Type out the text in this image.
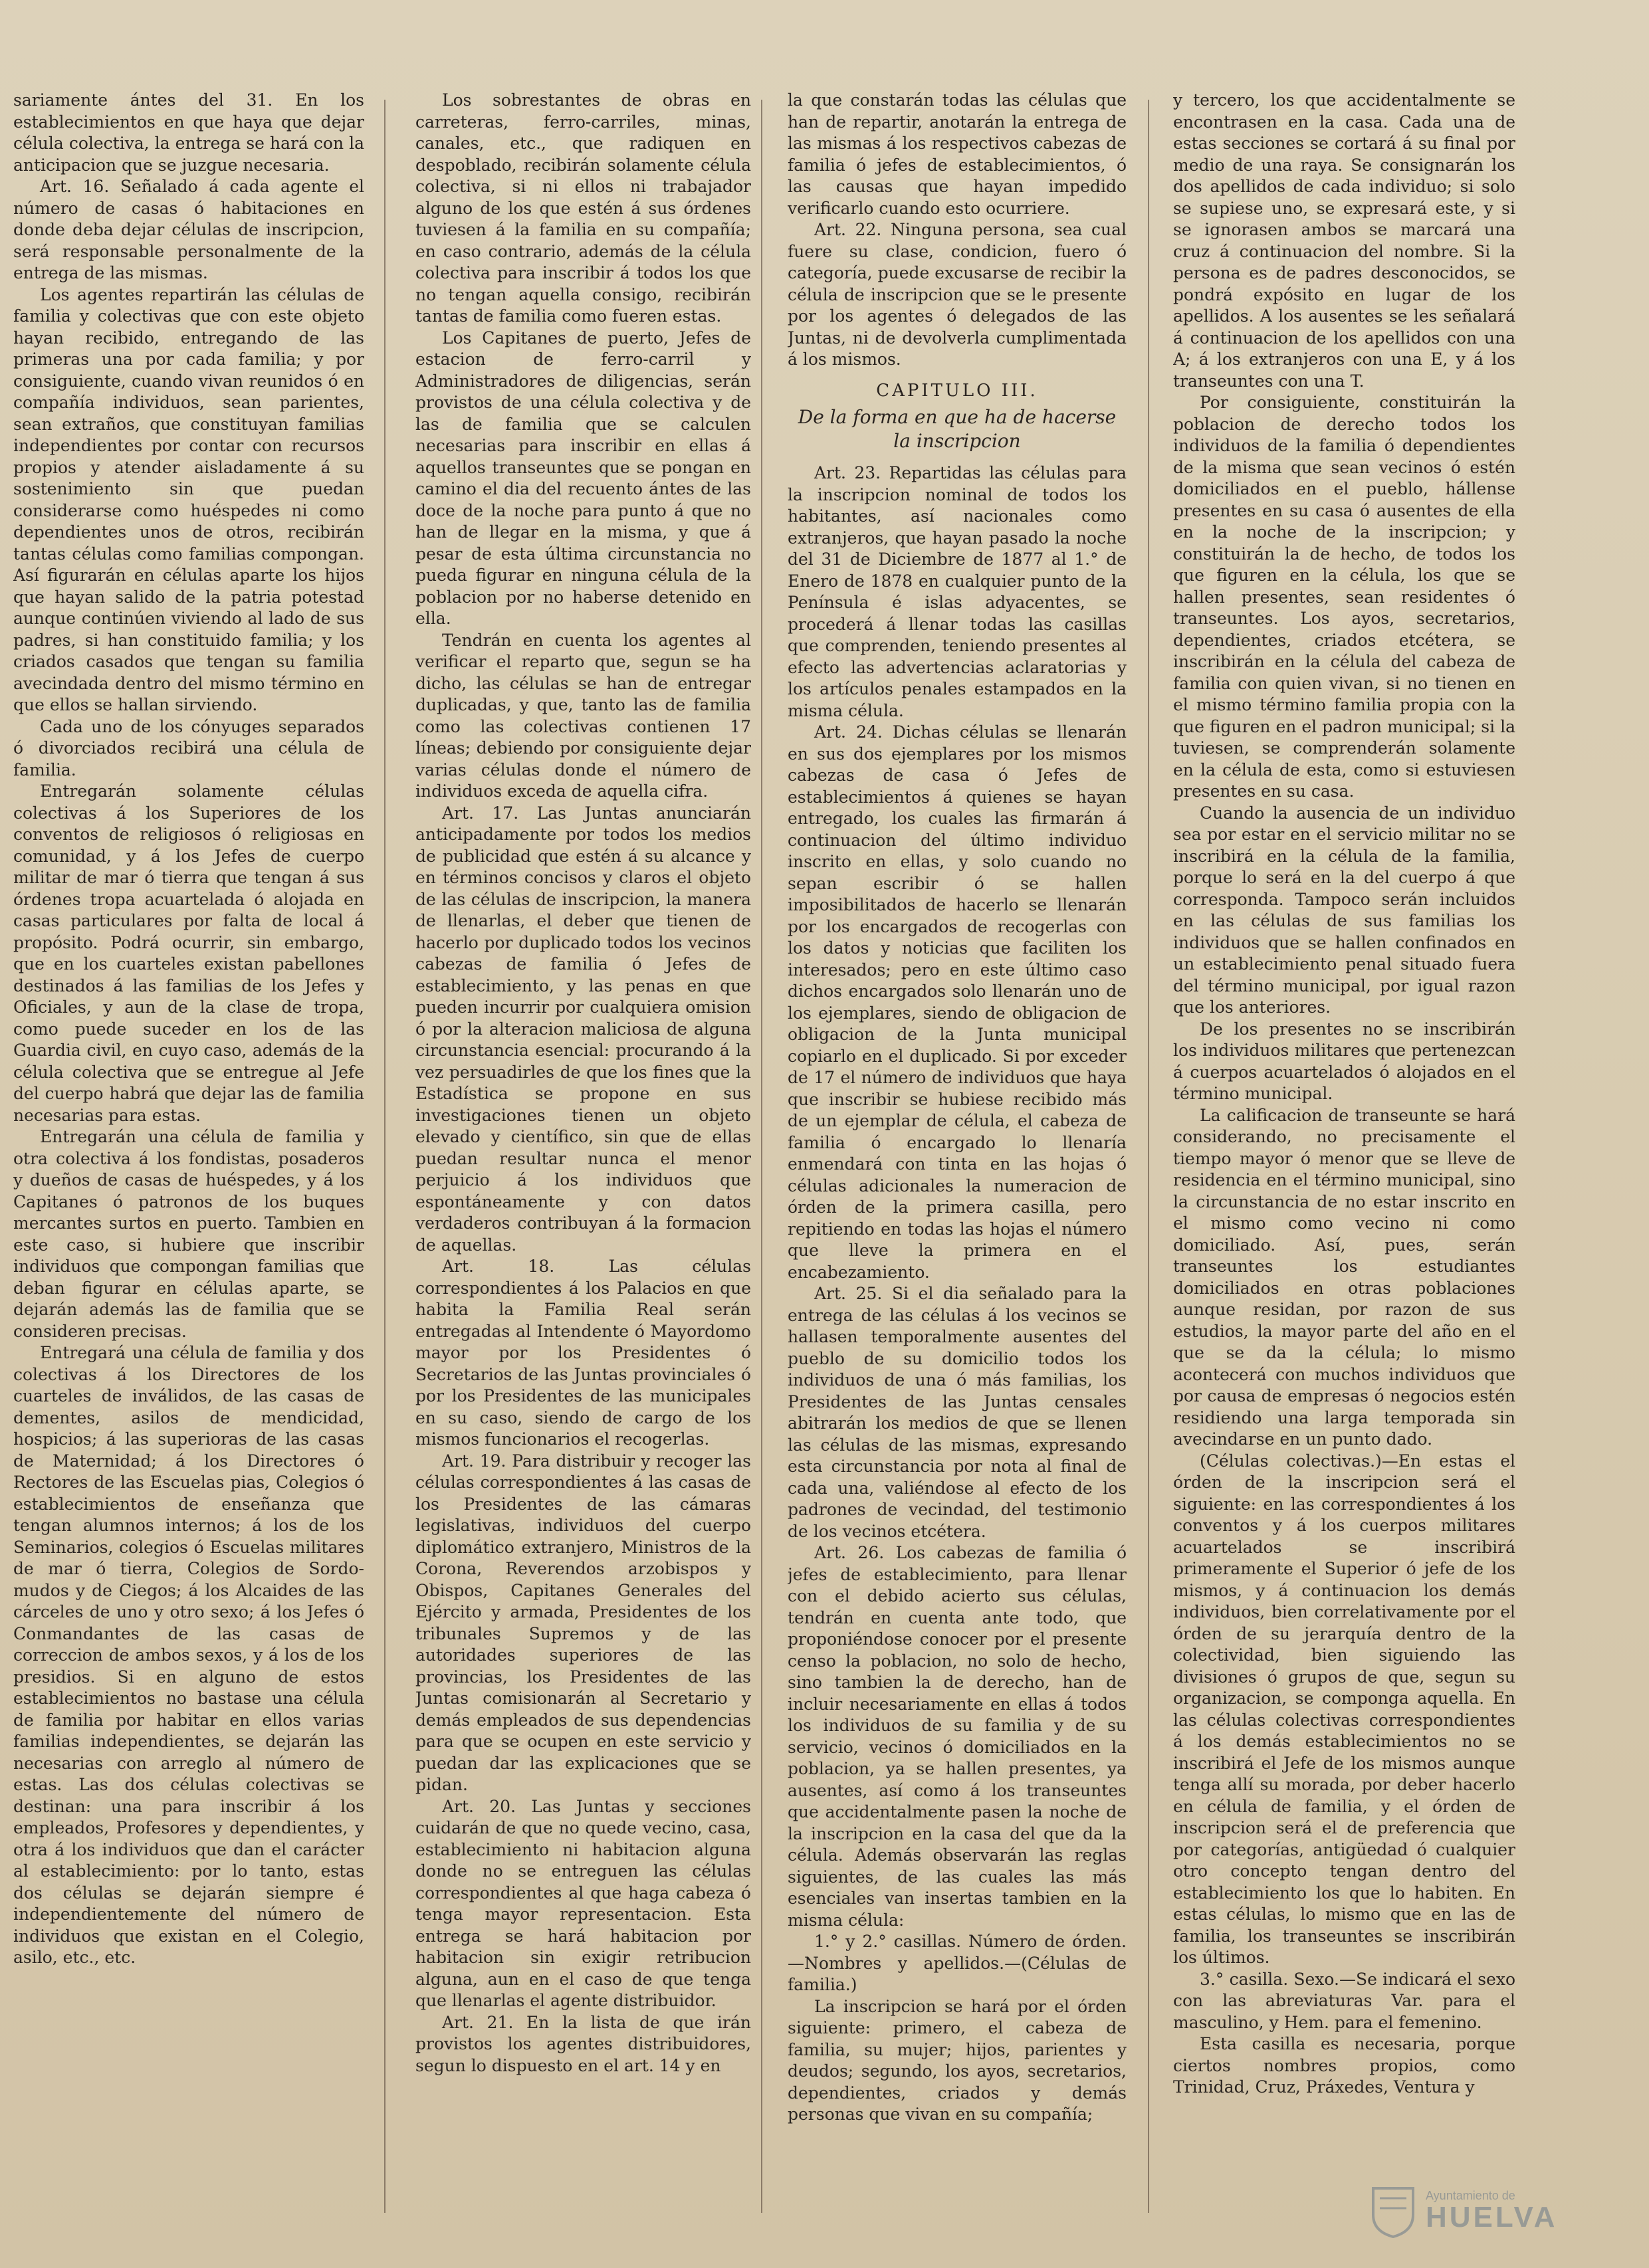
sariamente ántes del 31. En los establecimientos en que haya que dejar célula colectiva, la entrega se hará con la anticipacion que se juzgue necesaria.

Art. 16. Señalado á cada agente el número de casas ó habitaciones en donde deba dejar células de inscripcion, será responsable personalmente de la entrega de las mismas.

Los agentes repartirán las células de familia y colectivas que con este objeto hayan recibido, entregando de las primeras una por cada familia; y por consiguiente, cuando vivan reunidos ó en compañía individuos, sean parientes, sean extraños, que constituyan familias independientes por contar con recursos propios y atender aisladamente á su sostenimiento sin que puedan considerarse como huéspedes ni como dependientes unos de otros, recibirán tantas células como familias compongan. Así figurarán en células aparte los hijos que hayan salido de la patria potestad aunque continúen viviendo al lado de sus padres, si han constituido familia; y los criados casados que tengan su familia avecindada dentro del mismo término en que ellos se hallan sirviendo.

Cada uno de los cónyuges separados ó divorciados recibirá una célula de familia.

Entregarán solamente células colectivas á los Superiores de los conventos de religiosos ó religiosas en comunidad, y á los Jefes de cuerpo militar de mar ó tierra que tengan á sus órdenes tropa acuartelada ó alojada en casas particulares por falta de local á propósito. Podrá ocurrir, sin embargo, que en los cuarteles existan pabellones destinados á las familias de los Jefes y Oficiales, y aun de la clase de tropa, como puede suceder en los de las Guardia civil, en cuyo caso, además de la célula colectiva que se entregue al Jefe del cuerpo habrá que dejar las de familia necesarias para estas.

Entregarán una célula de familia y otra colectiva á los fondistas, posaderos y dueños de casas de huéspedes, y á los Capitanes ó patronos de los buques mercantes surtos en puerto. Tambien en este caso, si hubiere que inscribir individuos que compongan familias que deban figurar en células aparte, se dejarán además las de familia que se consideren precisas.

Entregará una célula de familia y dos colectivas á los Directores de los cuarteles de inválidos, de las casas de dementes, asilos de mendicidad, hospicios; á las superioras de las casas de Maternidad; á los Directores ó Rectores de las Escuelas pias, Colegios ó establecimientos de enseñanza que tengan alumnos internos; á los de los Seminarios, colegios ó Escuelas militares de mar ó tierra, Colegios de Sordo-mudos y de Ciegos; á los Alcaides de las cárceles de uno y otro sexo; á los Jefes ó Conmandantes de las casas de correccion de ambos sexos, y á los de los presidios. Si en alguno de estos establecimientos no bastase una célula de familia por habitar en ellos varias familias independientes, se dejarán las necesarias con arreglo al número de estas. Las dos células colectivas se destinan: una para inscribir á los empleados, Profesores y dependientes, y otra á los individuos que dan el carácter al establecimiento: por lo tanto, estas dos células se dejarán siempre é independientemente del número de individuos que existan en el Colegio, asilo, etc., etc.

Los sobrestantes de obras en carreteras, ferro-carriles, minas, canales, etc., que radiquen en despoblado, recibirán solamente célula colectiva, si ni ellos ni trabajador alguno de los que estén á sus órdenes tuviesen á la familia en su compañía; en caso contrario, además de la célula colectiva para inscribir á todos los que no tengan aquella consigo, recibirán tantas de familia como fueren estas.

Los Capitanes de puerto, Jefes de estacion de ferro-carril y Administradores de diligencias, serán provistos de una célula colectiva y de las de familia que se calculen necesarias para inscribir en ellas á aquellos transeuntes que se pongan en camino el dia del recuento ántes de las doce de la noche para punto á que no han de llegar en la misma, y que á pesar de esta última circunstancia no pueda figurar en ninguna célula de la poblacion por no haberse detenido en ella.

Tendrán en cuenta los agentes al verificar el reparto que, segun se ha dicho, las células se han de entregar duplicadas, y que, tanto las de familia como las colectivas contienen 17 líneas; debiendo por consiguiente dejar varias células donde el número de individuos exceda de aquella cifra.

Art. 17. Las Juntas anunciarán anticipadamente por todos los medios de publicidad que estén á su alcance y en términos concisos y claros el objeto de las células de inscripcion, la manera de llenarlas, el deber que tienen de hacerlo por duplicado todos los vecinos cabezas de familia ó Jefes de establecimiento, y las penas en que pueden incurrir por cualquiera omision ó por la alteracion maliciosa de alguna circunstancia esencial: procurando á la vez persuadirles de que los fines que la Estadística se propone en sus investigaciones tienen un objeto elevado y científico, sin que de ellas puedan resultar nunca el menor perjuicio á los individuos que espontáneamente y con datos verdaderos contribuyan á la formacion de aquellas.

Art. 18. Las células correspondientes á los Palacios en que habita la Familia Real serán entregadas al Intendente ó Mayordomo mayor por los Presidentes ó Secretarios de las Juntas provinciales ó por los Presidentes de las municipales en su caso, siendo de cargo de los mismos funcionarios el recogerlas.

Art. 19. Para distribuir y recoger las células correspondientes á las casas de los Presidentes de las cámaras legislativas, individuos del cuerpo diplomático extranjero, Ministros de la Corona, Reverendos arzobispos y Obispos, Capitanes Generales del Ejército y armada, Presidentes de los tribunales Supremos y de las autoridades superiores de las provincias, los Presidentes de las Juntas comisionarán al Secretario y demás empleados de sus dependencias para que se ocupen en este servicio y puedan dar las explicaciones que se pidan.

Art. 20. Las Juntas y secciones cuidarán de que no quede vecino, casa, establecimiento ni habitacion alguna donde no se entreguen las células correspondientes al que haga cabeza ó tenga mayor representacion. Esta entrega se hará habitacion por habitacion sin exigir retribucion alguna, aun en el caso de que tenga que llenarlas el agente distribuidor.

Art. 21. En la lista de que irán provistos los agentes distribuidores, segun lo dispuesto en el art. 14 y en

la que constarán todas las células que han de repartir, anotarán la entrega de las mismas á los respectivos cabezas de familia ó jefes de establecimientos, ó las causas que hayan impedido verificarlo cuando esto ocurriere.

Art. 22. Ninguna persona, sea cual fuere su clase, condicion, fuero ó categoría, puede excusarse de recibir la célula de inscripcion que se le presente por los agentes ó delegados de las Juntas, ni de devolverla cumplimentada á los mismos.

CAPITULO III.
De la forma en que ha de hacerse la inscripcion

Art. 23. Repartidas las células para la inscripcion nominal de todos los habitantes, así nacionales como extranjeros, que hayan pasado la noche del 31 de Diciembre de 1877 al 1.° de Enero de 1878 en cualquier punto de la Península é islas adyacentes, se procederá á llenar todas las casillas que comprenden, teniendo presentes al efecto las advertencias aclaratorias y los artículos penales estampados en la misma célula.

Art. 24. Dichas células se llenarán en sus dos ejemplares por los mismos cabezas de casa ó Jefes de establecimientos á quienes se hayan entregado, los cuales las firmarán á continuacion del último individuo inscrito en ellas, y solo cuando no sepan escribir ó se hallen imposibilitados de hacerlo se llenarán por los encargados de recogerlas con los datos y noticias que faciliten los interesados; pero en este último caso dichos encargados solo llenarán uno de los ejemplares, siendo de obligacion de obligacion de la Junta municipal copiarlo en el duplicado. Si por exceder de 17 el número de individuos que haya que inscribir se hubiese recibido más de un ejemplar de célula, el cabeza de familia ó encargado lo llenaría enmendará con tinta en las hojas ó células adicionales la numeracion de órden de la primera casilla, pero repitiendo en todas las hojas el número que lleve la primera en el encabezamiento.

Art. 25. Si el dia señalado para la entrega de las células á los vecinos se hallasen temporalmente ausentes del pueblo de su domicilio todos los individuos de una ó más familias, los Presidentes de las Juntas censales abitrarán los medios de que se llenen las células de las mismas, expresando esta circunstancia por nota al final de cada una, valiéndose al efecto de los padrones de vecindad, del testimonio de los vecinos etcétera.

Art. 26. Los cabezas de familia ó jefes de establecimiento, para llenar con el debido acierto sus células, tendrán en cuenta ante todo, que proponiéndose conocer por el presente censo la poblacion, no solo de hecho, sino tambien la de derecho, han de incluir necesariamente en ellas á todos los individuos de su familia y de su servicio, vecinos ó domiciliados en la poblacion, ya se hallen presentes, ya ausentes, así como á los transeuntes que accidentalmente pasen la noche de la inscripcion en la casa del que da la célula. Además observarán las reglas siguientes, de las cuales las más esenciales van insertas tambien en la misma célula:

1.° y 2.° casillas. Número de órden.—Nombres y apellidos.—(Células de familia.)

La inscripcion se hará por el órden siguiente: primero, el cabeza de familia, su mujer; hijos, parientes y deudos; segundo, los ayos, secretarios, dependientes, criados y demás personas que vivan en su compañía;

y tercero, los que accidentalmente se encontrasen en la casa. Cada una de estas secciones se cortará á su final por medio de una raya. Se consignarán los dos apellidos de cada individuo; si solo se supiese uno, se expresará este, y si se ignorasen ambos se marcará una cruz á continuacion del nombre. Si la persona es de padres desconocidos, se pondrá expósito en lugar de los apellidos. A los ausentes se les señalará á continuacion de los apellidos con una A; á los extranjeros con una E, y á los transeuntes con una T.

Por consiguiente, constituirán la poblacion de derecho todos los individuos de la familia ó dependientes de la misma que sean vecinos ó estén domiciliados en el pueblo, hállense presentes en su casa ó ausentes de ella en la noche de la inscripcion; y constituirán la de hecho, de todos los que figuren en la célula, los que se hallen presentes, sean residentes ó transeuntes. Los ayos, secretarios, dependientes, criados etcétera, se inscribirán en la célula del cabeza de familia con quien vivan, si no tienen en el mismo término familia propia con la que figuren en el padron municipal; si la tuviesen, se comprenderán solamente en la célula de esta, como si estuviesen presentes en su casa.

Cuando la ausencia de un individuo sea por estar en el servicio militar no se inscribirá en la célula de la familia, porque lo será en la del cuerpo á que corresponda. Tampoco serán incluidos en las células de sus familias los individuos que se hallen confinados en un establecimiento penal situado fuera del término municipal, por igual razon que los anteriores.

De los presentes no se inscribirán los individuos militares que pertenezcan á cuerpos acuartelados ó alojados en el término municipal.

La calificacion de transeunte se hará considerando, no precisamente el tiempo mayor ó menor que se lleve de residencia en el término municipal, sino la circunstancia de no estar inscrito en el mismo como vecino ni como domiciliado. Así, pues, serán transeuntes los estudiantes domiciliados en otras poblaciones aunque residan, por razon de sus estudios, la mayor parte del año en el que se da la célula; lo mismo acontecerá con muchos individuos que por causa de empresas ó negocios estén residiendo una larga temporada sin avecindarse en un punto dado.

(Células colectivas.)—En estas el órden de la inscripcion será el siguiente: en las correspondientes á los conventos y á los cuerpos militares acuartelados se inscribirá primeramente el Superior ó jefe de los mismos, y á continuacion los demás individuos, bien correlativamente por el órden de su jerarquía dentro de la colectividad, bien siguiendo las divisiones ó grupos de que, segun su organizacion, se componga aquella. En las células colectivas correspondientes á los demás establecimientos no se inscribirá el Jefe de los mismos aunque tenga allí su morada, por deber hacerlo en célula de familia, y el órden de inscripcion será el de preferencia que por categorías, antigüedad ó cualquier otro concepto tengan dentro del establecimiento los que lo habiten. En estas células, lo mismo que en las de familia, los transeuntes se inscribirán los últimos.

3.° casilla. Sexo.—Se indicará el sexo con las abreviaturas Var. para el masculino, y Hem. para el femenino.

Esta casilla es necesaria, porque ciertos nombres propios, como Trinidad, Cruz, Práxedes, Ventura y

Ayuntamiento de
HUELVA
